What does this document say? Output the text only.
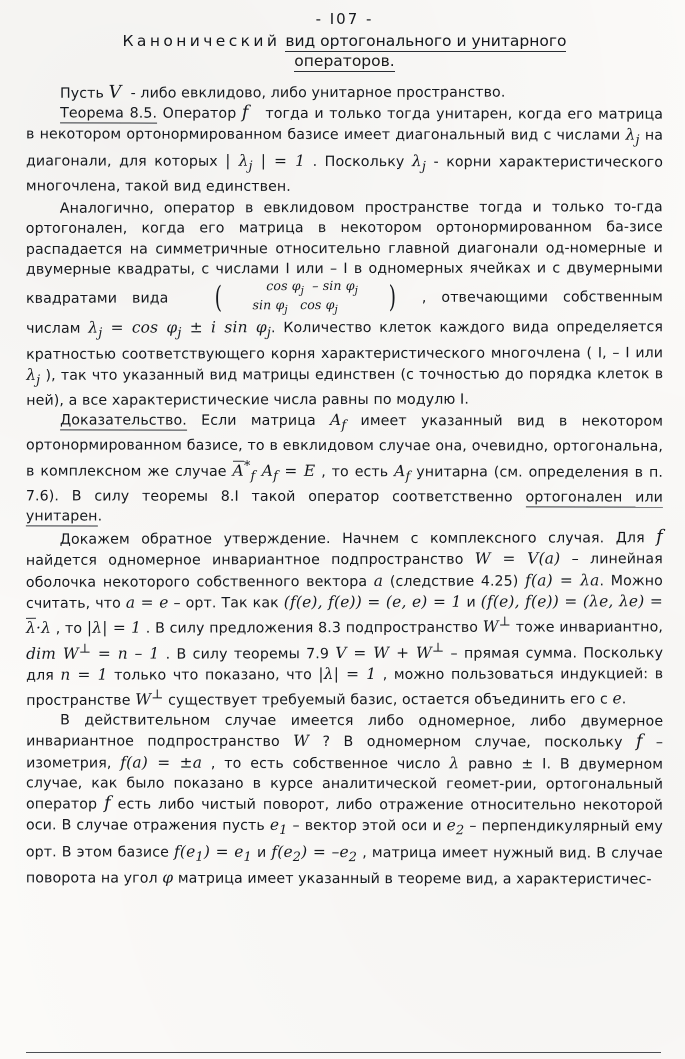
- I07 -
Канонический вид ортогонального и унитарного
операторов.

Пусть V  - либо евклидово, либо унитарное пространство.

Теорема 8.5. Оператор f   тогда и только тогда унитарен, когда его матрица в некотором ортонормированном базисе имеет диагональный вид с числами $\lambda_j$ на диагонали, для которых | $\lambda_j$ | = 1 . Поскольку $\lambda_j$ - корни характеристического многочлена, такой вид единствен.

Аналогично, оператор в евклидовом пространстве тогда и только то‑гда ортогонален, когда его матрица в некотором ортонормированном ба‑зисе распадается на симметричные относительно главной диагонали од‑номерные и двумерные квадраты, с числами I или – I в одномерных ячейках и с двумерными квадратами вида	(	$\cos \varphi_j$  – $\sin \varphi_j$
$\sin \varphi_j$   $\cos \varphi_j$	) , отвечающими собственным числам $\lambda_j = \cos \varphi_j \pm i$ $\sin \varphi_j$. Количество клеток каждого вида определяется кратностью соответствующего корня характеристического многочлена ( I, – I или $\lambda_j$ ), так что указанный вид матрицы единствен (с точностью до порядка клеток в ней), а все характеристические числа равны по модулю I.

Доказательство. Если матрица $A_f$ имеет указанный вид в некотором ортонормированном базисе, то в евклидовом случае она, очевидно, ортогональна, в комплексном же случае $A^*_f$ $A_f = E$ , то есть $A_f$ унитарна (см. определения в п. 7.6). В силу теоремы 8.I такой оператор соответственно ортогонален или унитарен.

Докажем обратное утверждение. Начнем с комплексного случая. Для f найдется одномерное инвариантное подпространство W = V(a) – линейная оболочка некоторого собственного вектора a (следствие 4.25) f(a) = λa. Можно считать, что a = e – орт. Так как (f(e), f(e)) = (e, e) = 1 и (f(e), f(e)) = (λe, λe) = λ·λ , то |λ| = 1 . В силу предложения 8.3 подпространство W⊥ тоже инвариантно, dim W⊥ = n – 1 . В силу теоремы 7.9 V = W + W⊥ – прямая сумма. Поскольку для n = 1 только что показано, что |λ| = 1 , можно пользоваться индукцией: в пространстве W⊥ существует требуемый базис, остается объединить его с e.

В действительном случае имеется либо одномерное, либо двумерное инвариантное подпространство W ? В одномерном случае, поскольку f – изометрия, f(a) = ±a , то есть собственное число λ равно ± I. В двумерном случае, как было показано в курсе аналитической геомет‑рии, ортогональный оператор f есть либо чистый поворот, либо отражение относительно некоторой оси. В случае отражения пусть $e_1$ – вектор этой оси и $e_2$ – перпендикулярный ему орт. В этом базисе $f(e_1) = e_1$ и $f(e_2) = -e_2$ , матрица имеет нужный вид. В случае поворота на угол φ матрица имеет указанный в теореме вид, а характеристичес-
